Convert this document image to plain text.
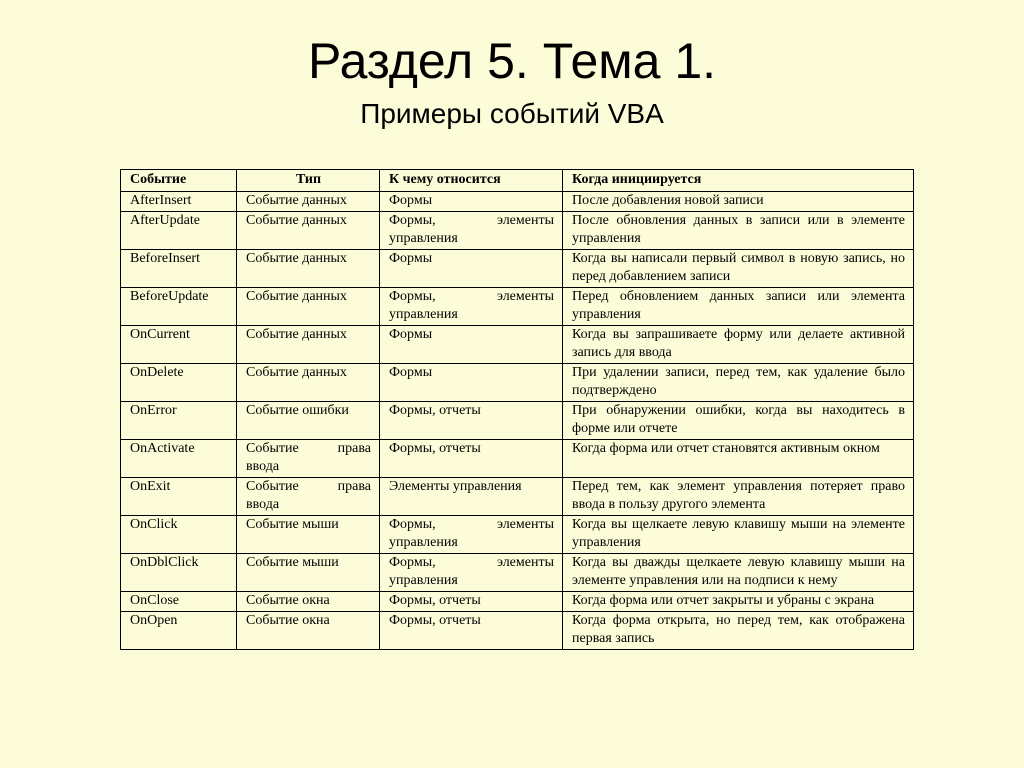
Раздел 5. Тема 1.
Примеры событий VBA
Событие	Тип	К чему относится	Когда инициируется
AfterInsert	Событие данных	Формы	После добавления новой записи
AfterUpdate	Событие данных	Формы, элементы управления	После обновления данных в записи или в элементе управления
BeforeInsert	Событие данных	Формы	Когда вы написали первый символ в новую запись, но перед добавлением записи
BeforeUpdate	Событие данных	Формы, элементы управления	Перед обновлением данных записи или элемента управления
OnCurrent	Событие данных	Формы	Когда вы запрашиваете форму или делаете активной запись для ввода
OnDelete	Событие данных	Формы	При удалении записи, перед тем, как удаление было подтверждено
OnError	Событие ошибки	Формы, отчеты	При обнаружении ошибки, когда вы находитесь в форме или отчете
OnActivate	Событие права ввода	Формы, отчеты	Когда форма или отчет становятся активным окном
OnExit	Событие права ввода	Элементы управления	Перед тем, как элемент управления потеряет право ввода в пользу другого элемента
OnClick	Событие мыши	Формы, элементы управления	Когда вы щелкаете левую клавишу мыши на элементе управления
OnDblClick	Событие мыши	Формы, элементы управления	Когда вы дважды щелкаете левую клавишу мыши на элементе управления или на подписи к нему
OnClose	Событие окна	Формы, отчеты	Когда форма или отчет закрыты и убраны с экрана
OnOpen	Событие окна	Формы, отчеты	Когда форма открыта, но перед тем, как отображена первая запись
